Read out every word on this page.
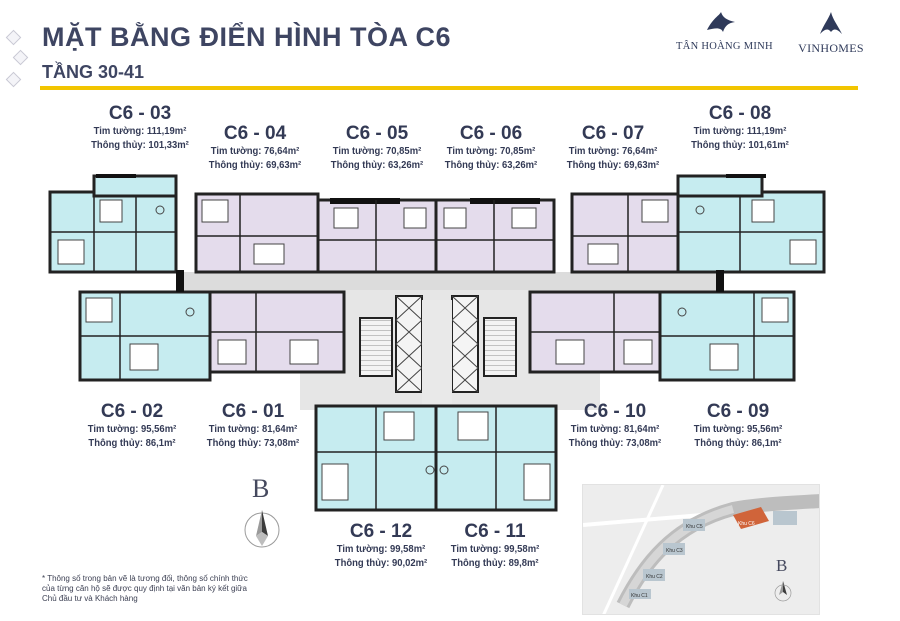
MẶT BẰNG ĐIỂN HÌNH TÒA C6
TẦNG 30-41
TÂN HOÀNG MINH	VINHOMES
C6 - 03
Tim tường: 111,19m²
Thông thủy: 101,33m²
C6 - 04
Tim tường: 76,64m²
Thông thủy: 69,63m²
C6 - 05
Tim tường: 70,85m²
Thông thủy: 63,26m²
C6 - 06
Tim tường: 70,85m²
Thông thủy: 63,26m²
C6 - 07
Tim tường: 76,64m²
Thông thủy: 69,63m²
C6 - 08
Tim tường: 111,19m²
Thông thủy: 101,61m²
C6 - 02
Tim tường: 95,56m²
Thông thủy: 86,1m²
C6 - 01
Tim tường: 81,64m²
Thông thủy: 73,08m²
C6 - 10
Tim tường: 81,64m²
Thông thủy: 73,08m²
C6 - 09
Tim tường: 95,56m²
Thông thủy: 86,1m²
C6 - 12
Tim tường: 99,58m²
Thông thủy: 90,02m²
C6 - 11
Tim tường: 99,58m²
Thông thủy: 89,8m²
B
* Thông số trong bản vẽ là tương đối, thông số chính thức của từng căn hộ sẽ được quy định tại văn bản ký kết giữa Chủ đầu tư và Khách hàng
Khu C5
Khu C3
Khu C2
Khu C1
Khu C6
B
